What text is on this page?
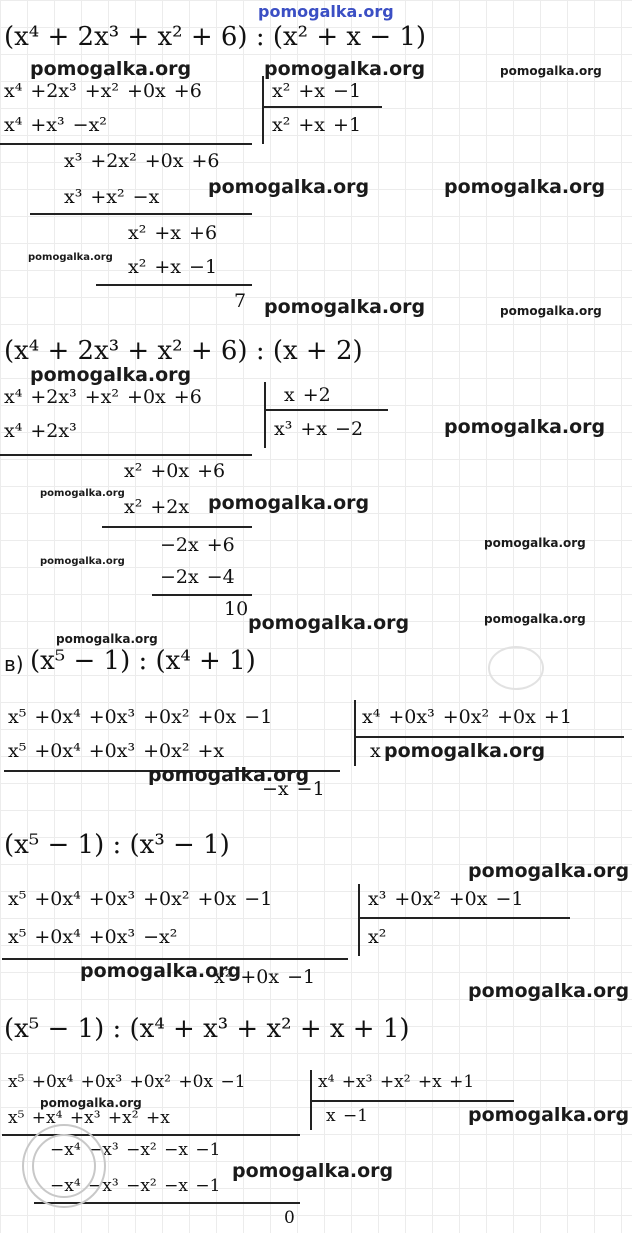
pomogalka.org
(x⁴ + 2x³ + x² + 6) : (x² + x − 1)
x⁴ +2x³ +x² +0x +6	x² +x −1
x² +x +1
x⁴ +x³ −x²
x³ +2x² +0x +6
x³ +x² −x
x² +x +6
x² +x −1
7
pomogalka.org	pomogalka.org	pomogalka.org
pomogalka.org	pomogalka.org
pomogalka.org
pomogalka.org	pomogalka.org
(x⁴ + 2x³ + x² + 6) : (x + 2)
x⁴ +2x³ +x² +0x +6	x +2
x³ +x −2
x⁴ +2x³
x² +0x +6
x² +2x
−2x +6
−2x −4
10
pomogalka.org
pomogalka.org
pomogalka.org	pomogalka.org
pomogalka.org
pomogalka.org
pomogalka.org	pomogalka.org
pomogalka.org
в) (x⁵ − 1) : (x⁴ + 1)
x⁵ +0x⁴ +0x³ +0x² +0x −1	x⁴ +0x³ +0x² +0x +1
x
x⁵ +0x⁴ +0x³ +0x² +x
−x −1
pomogalka.org
pomogalka.org
(x⁵ − 1) : (x³ − 1)
pomogalka.org
x⁵ +0x⁴ +0x³ +0x² +0x −1	x³ +0x² +0x −1
x²
x⁵ +0x⁴ +0x³ −x²
x² +0x −1
pomogalka.org
pomogalka.org
(x⁵ − 1) : (x⁴ + x³ + x² + x + 1)
x⁵ +0x⁴ +0x³ +0x² +0x −1	x⁴ +x³ +x² +x +1
x −1
x⁵ +x⁴ +x³ +x² +x
−x⁴ −x³ −x² −x −1
−x⁴ −x³ −x² −x −1
0
pomogalka.org
pomogalka.org
pomogalka.org
